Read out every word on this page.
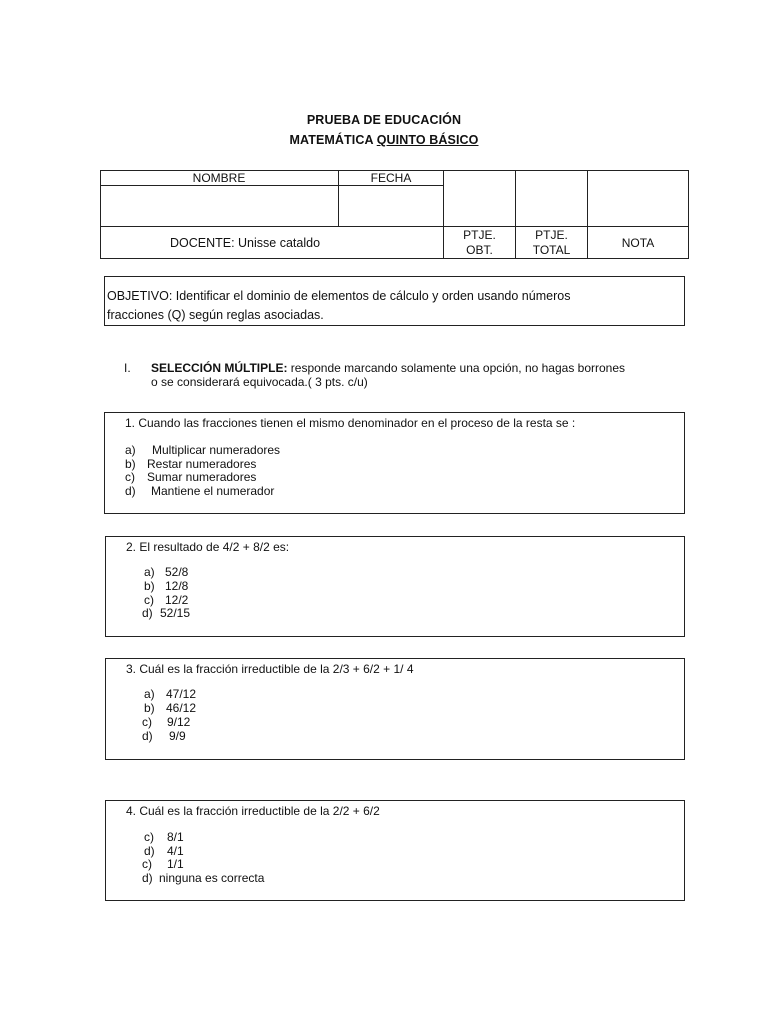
PRUEBA DE EDUCACIÓN
MATEMÁTICA QUINTO BÁSICO
NOMBRE	FECHA
DOCENTE: Unisse cataldo
PTJE.
OBT.
PTJE.
TOTAL	NOTA
OBJETIVO: Identificar el dominio de elementos de cálculo y orden usando números
fracciones (Q) según reglas asociadas.
I. SELECCIÓN MÚLTIPLE: responde marcando solamente una opción, no hagas borrones o se considerará equivocada.( 3 pts. c/u)
1. Cuando las fracciones tienen el mismo denominador en el proceso de la resta se :
a) Multiplicar numeradores
b) Restar numeradores
c) Sumar numeradores
d) Mantiene el numerador
2. El resultado de 4/2 + 8/2 es:
a) 52/8
b) 12/8
c) 12/2
d) 52/15
3. Cuál es la fracción irreductible de la 2/3 + 6/2 + 1/ 4
a) 47/12
b) 46/12
c) 9/12
d) 9/9
4. Cuál es la fracción irreductible de la 2/2 + 6/2
c) 8/1
d) 4/1
c) 1/1
d) ninguna es correcta
